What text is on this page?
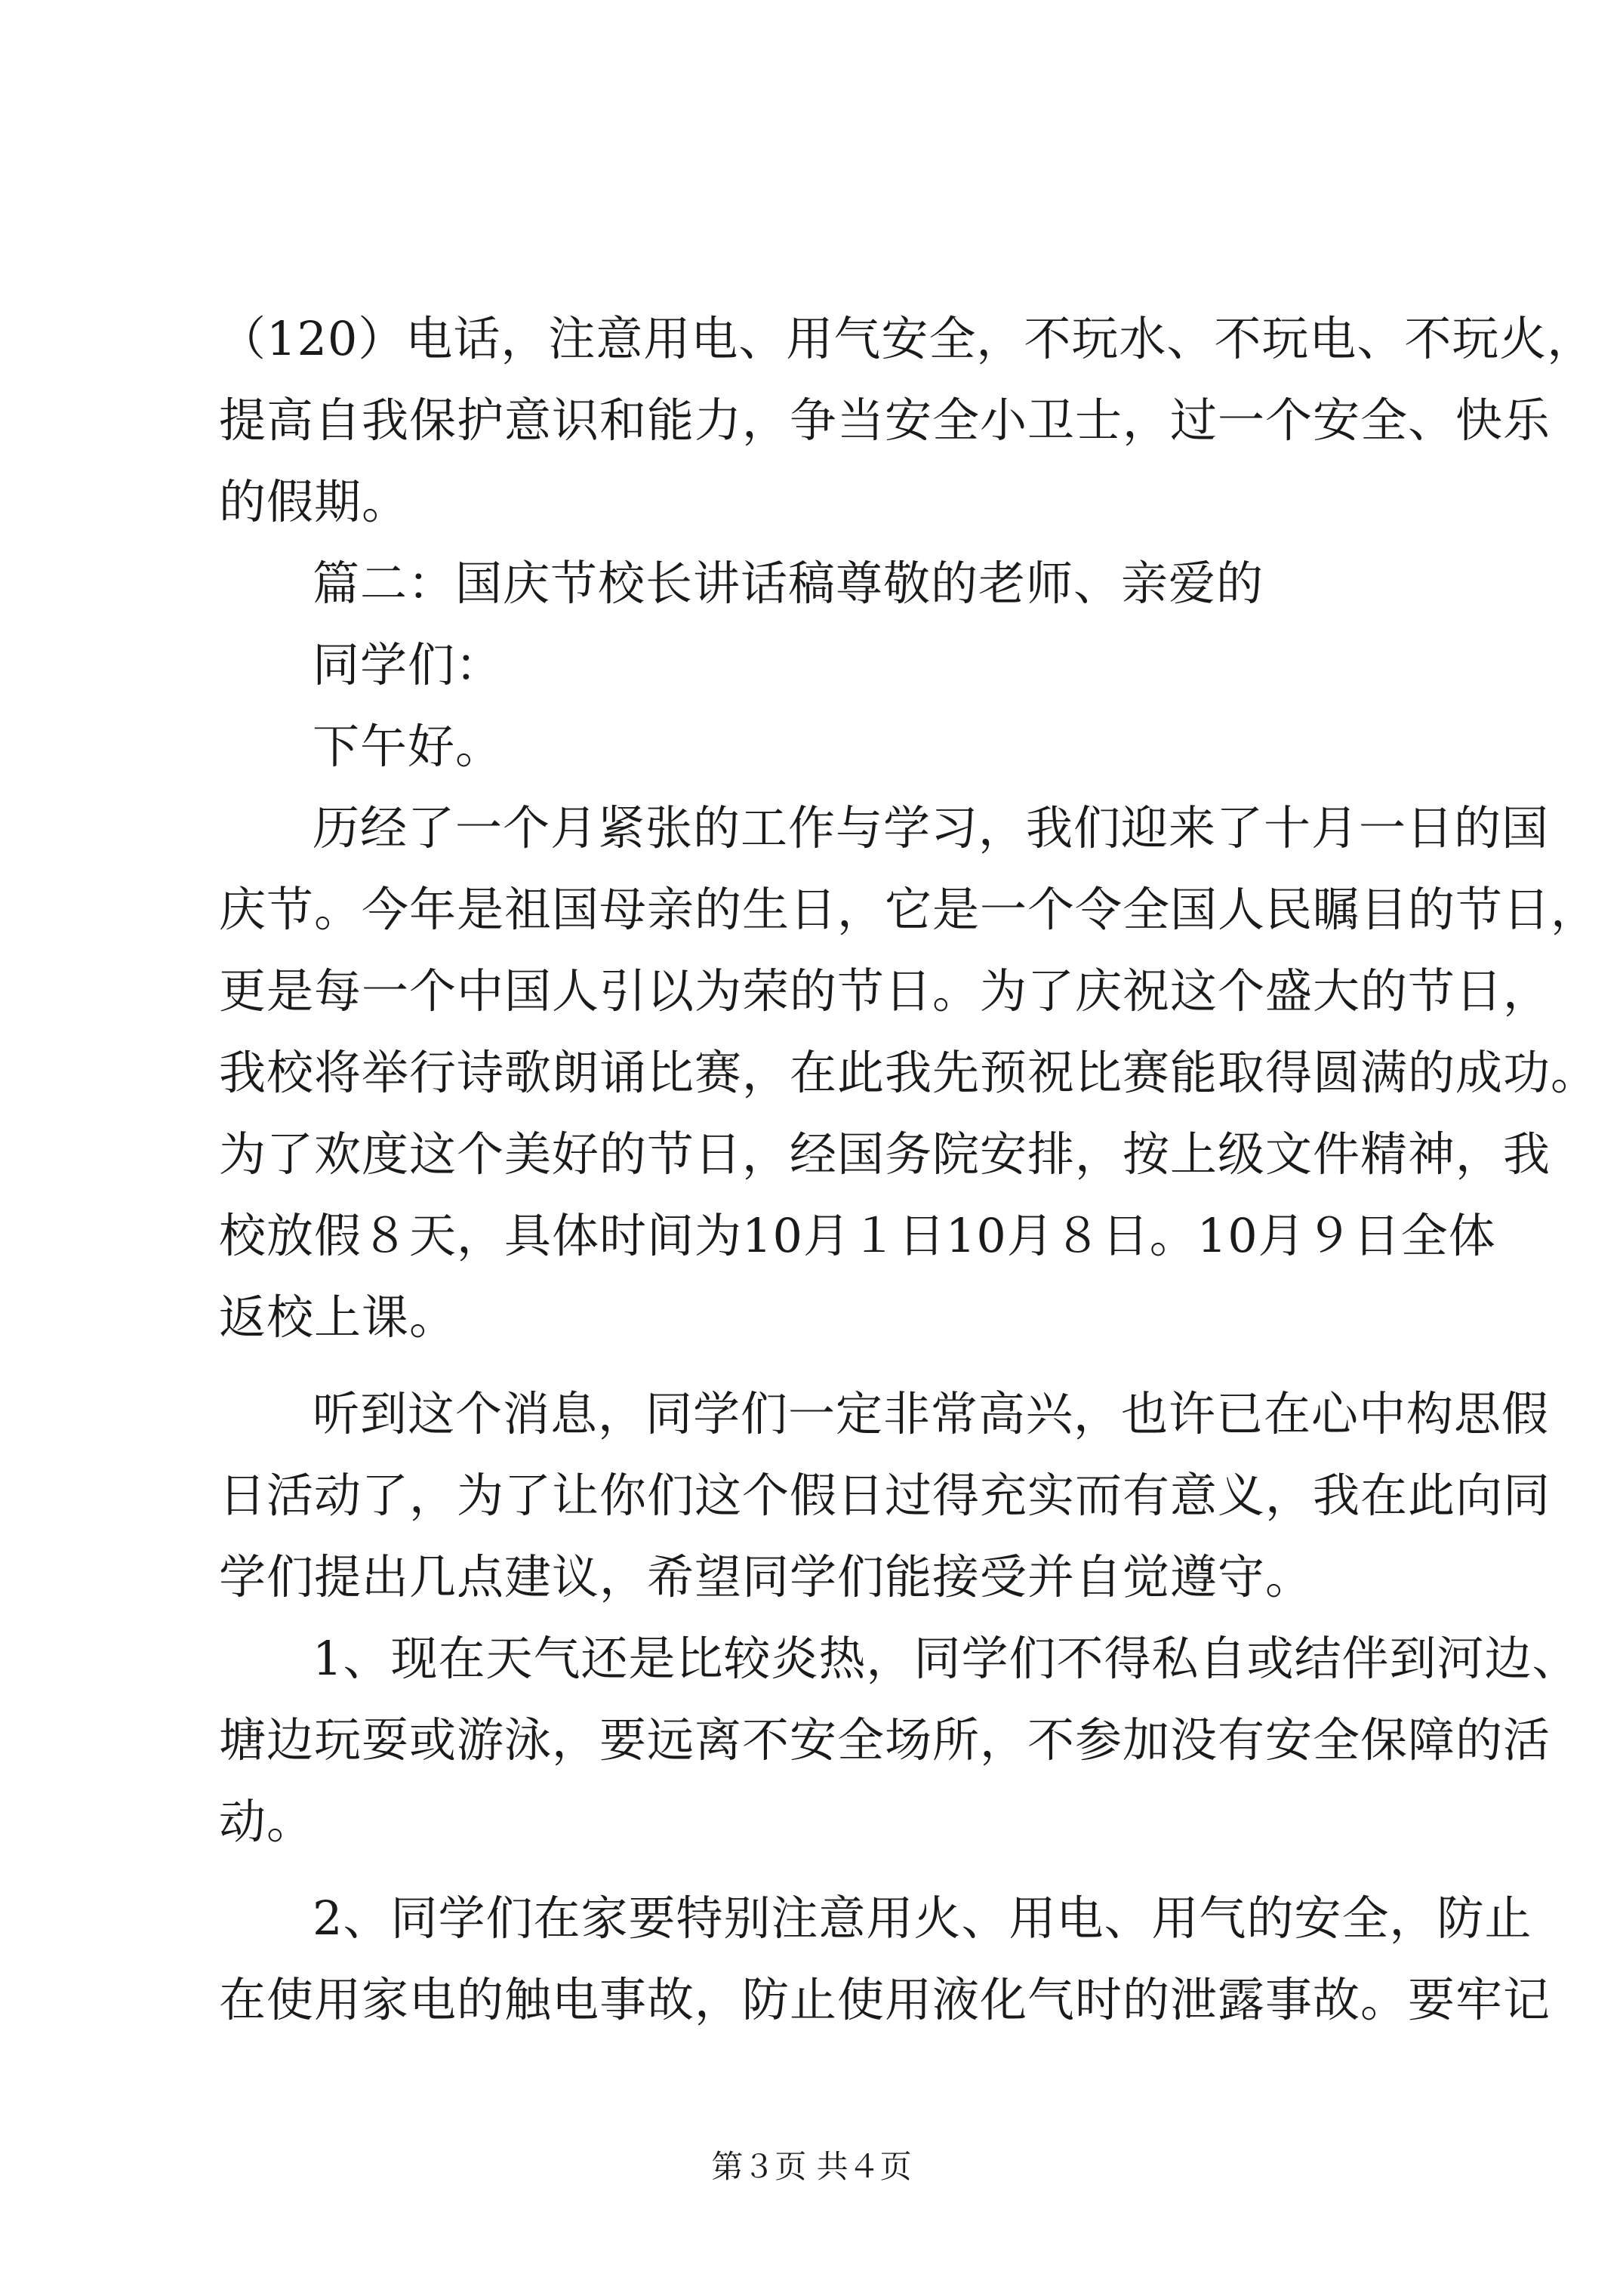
（120）电话，注意用电、用气安全，不玩水、不玩电、不玩火，
提高自我保护意识和能力，争当安全小卫士，过一个安全、快乐
的假期。
篇二：国庆节校长讲话稿尊敬的老师、亲爱的
同学们：
下午好。
历经了一个月紧张的工作与学习，我们迎来了十月一日的国
庆节。今年是祖国母亲的生日，它是一个令全国人民瞩目的节日，
更是每一个中国人引以为荣的节日。为了庆祝这个盛大的节日，
我校将举行诗歌朗诵比赛，在此我先预祝比赛能取得圆满的成功。
为了欢度这个美好的节日，经国务院安排，按上级文件精神，我
校放假８天，具体时间为10月１日10月８日。10月９日全体
返校上课。
听到这个消息，同学们一定非常高兴，也许已在心中构思假
日活动了，为了让你们这个假日过得充实而有意义，我在此向同
学们提出几点建议，希望同学们能接受并自觉遵守。
1、现在天气还是比较炎热，同学们不得私自或结伴到河边、
塘边玩耍或游泳，要远离不安全场所，不参加没有安全保障的活
动。
2、同学们在家要特别注意用火、用电、用气的安全，防止
在使用家电的触电事故，防止使用液化气时的泄露事故。要牢记
第３页 共４页
